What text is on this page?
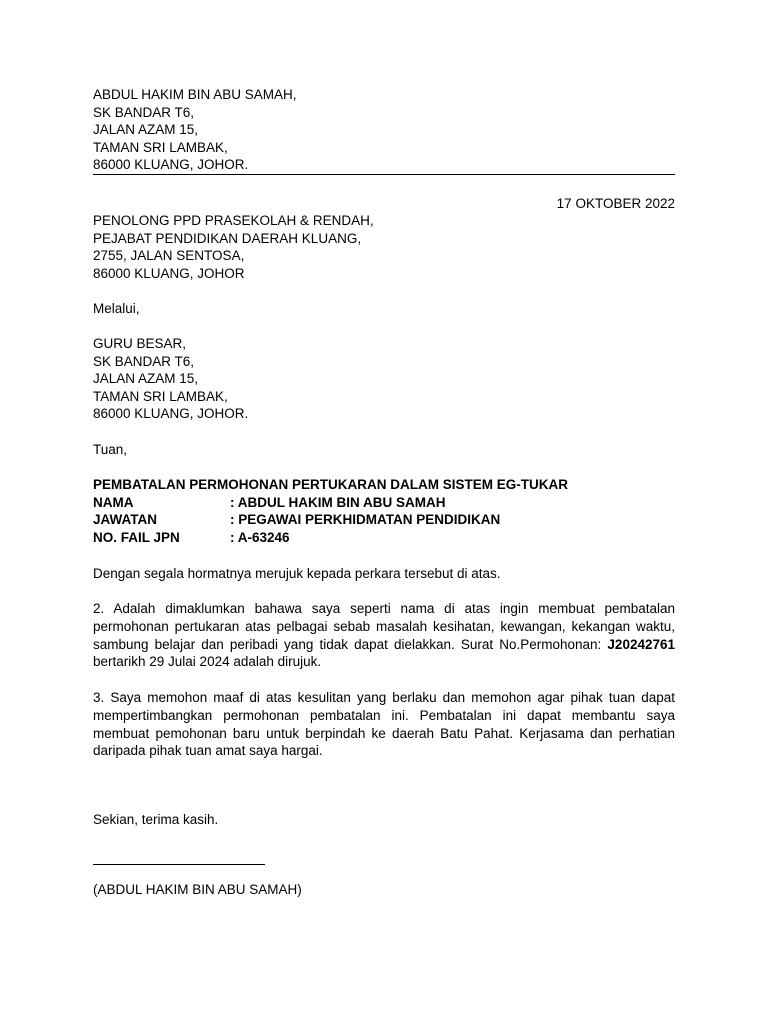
ABDUL HAKIM BIN ABU SAMAH,
SK BANDAR T6,
JALAN AZAM 15,
TAMAN SRI LAMBAK,
86000 KLUANG, JOHOR.
17 OKTOBER 2022
PENOLONG PPD PRASEKOLAH & RENDAH,
PEJABAT PENDIDIKAN DAERAH KLUANG,
2755, JALAN SENTOSA,
86000 KLUANG, JOHOR
Melalui,
GURU BESAR,
SK BANDAR T6,
JALAN AZAM 15,
TAMAN SRI LAMBAK,
86000 KLUANG, JOHOR.
Tuan,
PEMBATALAN PERMOHONAN PERTUKARAN DALAM SISTEM EG-TUKAR
NAMA	: ABDUL HAKIM BIN ABU SAMAH
JAWATAN	: PEGAWAI PERKHIDMATAN PENDIDIKAN
NO. FAIL JPN	: A-63246
Dengan segala hormatnya merujuk kepada perkara tersebut di atas.
2. Adalah dimaklumkan bahawa saya seperti nama di atas ingin membuat pembatalan permohonan pertukaran atas pelbagai sebab masalah kesihatan, kewangan, kekangan waktu, sambung belajar dan peribadi yang tidak dapat dielakkan. Surat No.Permohonan: J20242761 bertarikh 29 Julai 2024 adalah dirujuk.
3. Saya memohon maaf di atas kesulitan yang berlaku dan memohon agar pihak tuan dapat mempertimbangkan permohonan pembatalan ini. Pembatalan ini dapat membantu saya membuat pemohonan baru untuk berpindah ke daerah Batu Pahat. Kerjasama dan perhatian daripada pihak tuan amat saya hargai.
Sekian, terima kasih.
(ABDUL HAKIM BIN ABU SAMAH)
